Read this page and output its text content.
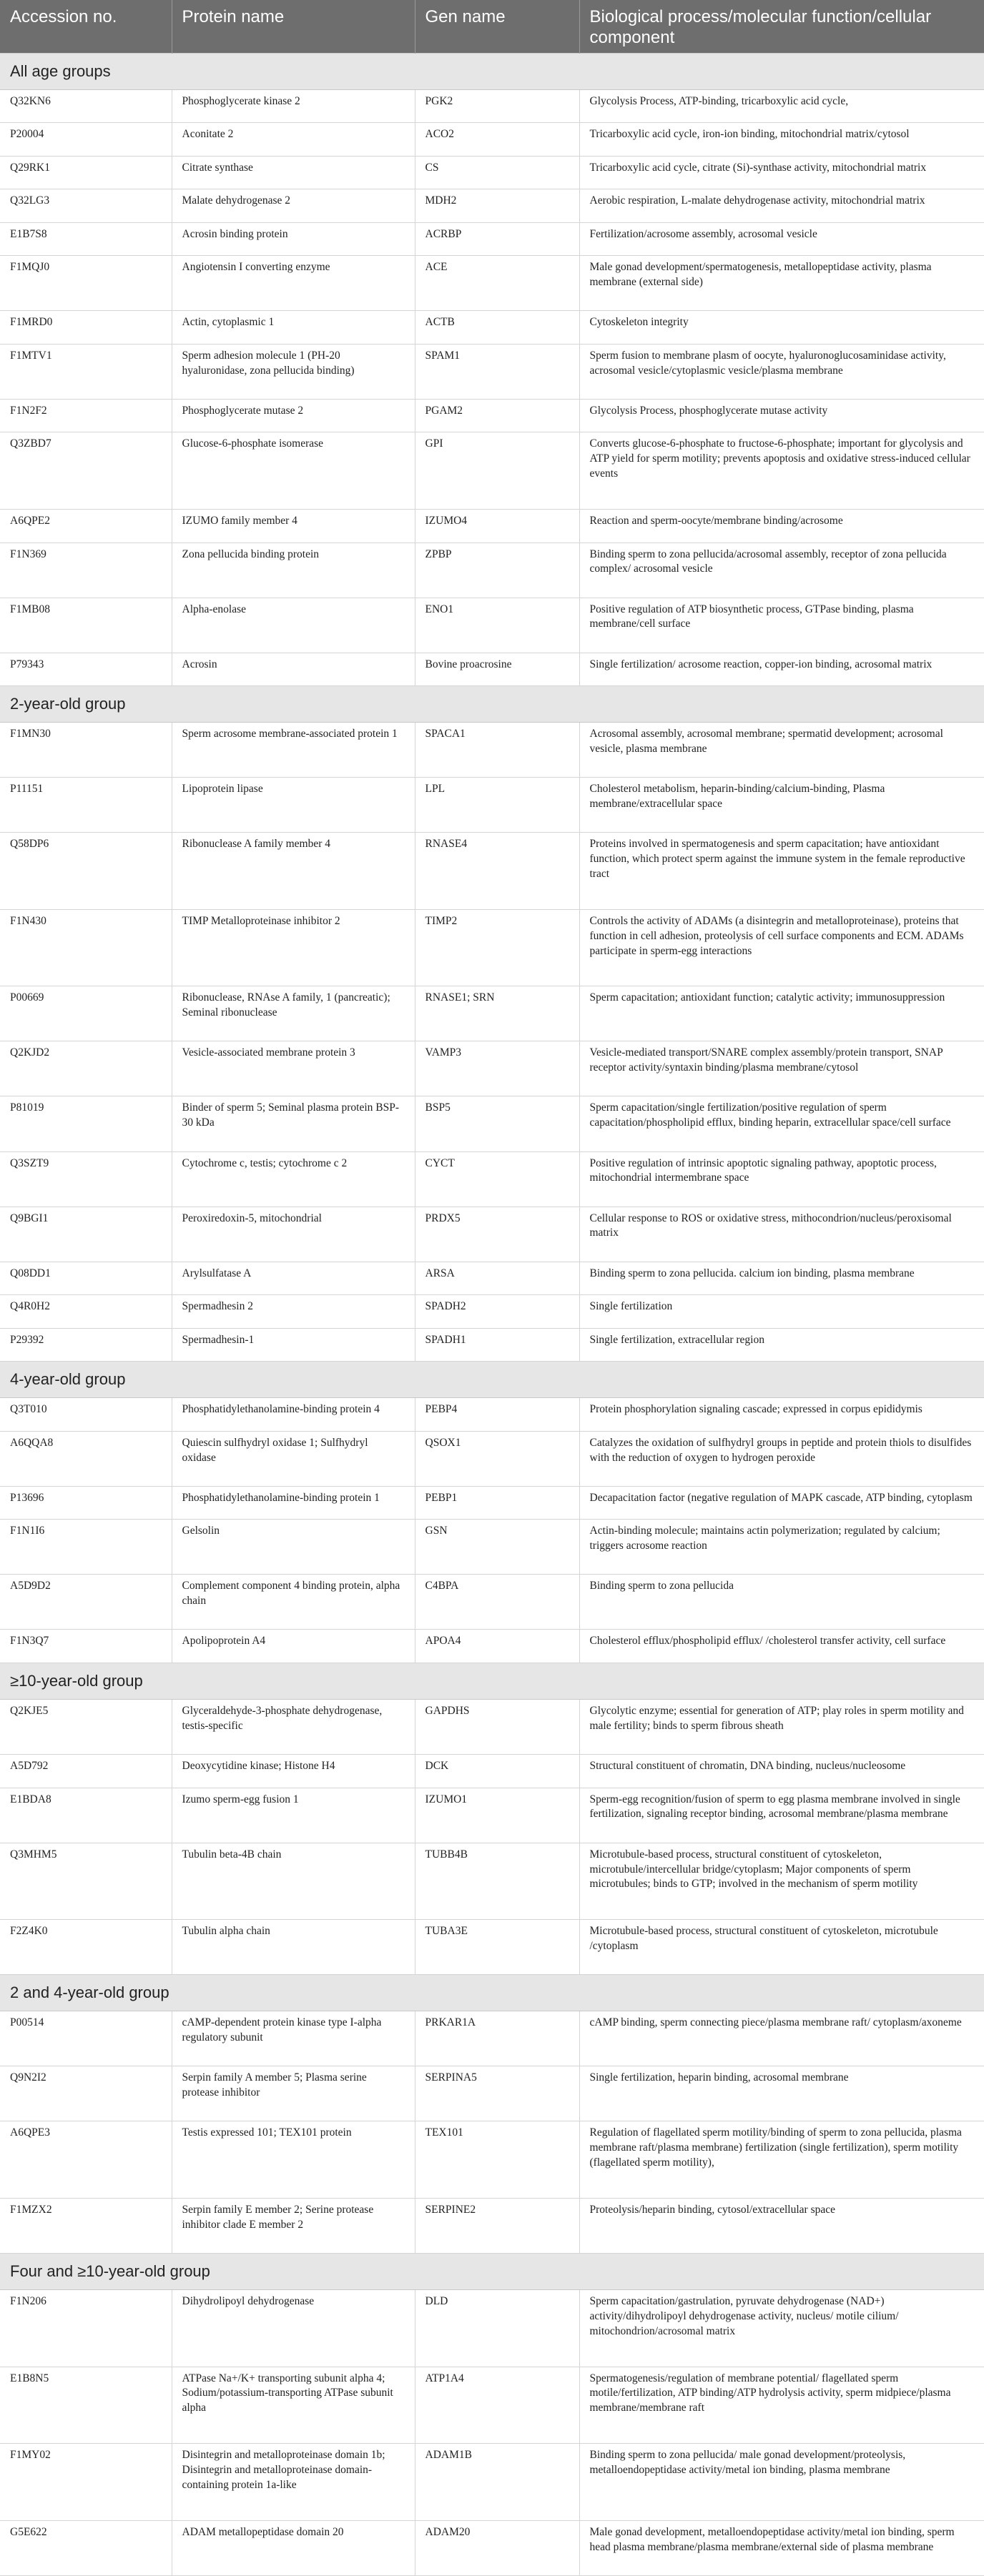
Accession no.	Protein name	Gen name	Biological process/molecular function/cellular component
All age groups			
Q32KN6	Phosphoglycerate kinase 2	PGK2	Glycolysis Process, ATP-binding, tricarboxylic acid cycle,
P20004	Aconitate 2	ACO2	Tricarboxylic acid cycle, iron-ion binding, mitochondrial matrix/cytosol
Q29RK1	Citrate synthase	CS	Tricarboxylic acid cycle, citrate (Si)-synthase activity, mitochondrial matrix
Q32LG3	Malate dehydrogenase 2	MDH2	Aerobic respiration, L-malate dehydrogenase activity, mitochondrial matrix
E1B7S8	Acrosin binding protein	ACRBP	Fertilization/acrosome assembly, acrosomal vesicle
F1MQJ0	Angiotensin I converting enzyme	ACE	Male gonad development/spermatogenesis, metallopeptidase activity, plasma membrane (external side)
F1MRD0	Actin, cytoplasmic 1	ACTB	Cytoskeleton integrity
F1MTV1	Sperm adhesion molecule 1 (PH-20 hyaluronidase, zona pellucida binding)	SPAM1	Sperm fusion to membrane plasm of oocyte, hyaluronoglucosaminidase activity, acrosomal vesicle/cytoplasmic vesicle/plasma membrane
F1N2F2	Phosphoglycerate mutase 2	PGAM2	Glycolysis Process, phosphoglycerate mutase activity
Q3ZBD7	Glucose-6-phosphate isomerase	GPI	Converts glucose-6-phosphate to fructose-6-phosphate; important for glycolysis and ATP yield for sperm motility; prevents apoptosis and oxidative stress-induced cellular events
A6QPE2	IZUMO family member 4	IZUMO4	Reaction and sperm-oocyte/membrane binding/acrosome
F1N369	Zona pellucida binding protein	ZPBP	Binding sperm to zona pellucida/acrosomal assembly, receptor of zona pellucida complex/ acrosomal vesicle
F1MB08	Alpha-enolase	ENO1	Positive regulation of ATP biosynthetic process, GTPase binding, plasma membrane/cell surface
P79343	Acrosin	Bovine proacrosine	Single fertilization/ acrosome reaction, copper-ion binding, acrosomal matrix
2-year-old group			
F1MN30	Sperm acrosome membrane-associated protein 1	SPACA1	Acrosomal assembly, acrosomal membrane; spermatid development; acrosomal vesicle, plasma membrane
P11151	Lipoprotein lipase	LPL	Cholesterol metabolism, heparin-binding/calcium-binding, Plasma membrane/extracellular space
Q58DP6	Ribonuclease A family member 4	RNASE4	Proteins involved in spermatogenesis and sperm capacitation; have antioxidant function, which protect sperm against the immune system in the female reproductive tract
F1N430	TIMP Metalloproteinase inhibitor 2	TIMP2	Controls the activity of ADAMs (a disintegrin and metalloproteinase), proteins that function in cell adhesion, proteolysis of cell surface components and ECM. ADAMs participate in sperm-egg interactions
P00669	Ribonuclease, RNAse A family, 1 (pancreatic); Seminal ribonuclease	RNASE1; SRN	Sperm capacitation; antioxidant function; catalytic activity; immunosuppression
Q2KJD2	Vesicle-associated membrane protein 3	VAMP3	Vesicle-mediated transport/SNARE complex assembly/protein transport, SNAP receptor activity/syntaxin binding/plasma membrane/cytosol
P81019	Binder of sperm 5; Seminal plasma protein BSP-30 kDa	BSP5	Sperm capacitation/single fertilization/positive regulation of sperm capacitation/phospholipid efflux, binding heparin, extracellular space/cell surface
Q3SZT9	Cytochrome c, testis; cytochrome c 2	CYCT	Positive regulation of intrinsic apoptotic signaling pathway, apoptotic process, mitochondrial intermembrane space
Q9BGI1	Peroxiredoxin-5, mitochondrial	PRDX5	Cellular response to ROS or oxidative stress, mithocondrion/nucleus/peroxisomal matrix
Q08DD1	Arylsulfatase A	ARSA	Binding sperm to zona pellucida. calcium ion binding, plasma membrane
Q4R0H2	Spermadhesin 2	SPADH2	Single fertilization
P29392	Spermadhesin-1	SPADH1	Single fertilization, extracellular region
4-year-old group			
Q3T010	Phosphatidylethanolamine-binding protein 4	PEBP4	Protein phosphorylation signaling cascade; expressed in corpus epididymis
A6QQA8	Quiescin sulfhydryl oxidase 1; Sulfhydryl oxidase	QSOX1	Catalyzes the oxidation of sulfhydryl groups in peptide and protein thiols to disulfides with the reduction of oxygen to hydrogen peroxide
P13696	Phosphatidylethanolamine-binding protein 1	PEBP1	Decapacitation factor (negative regulation of MAPK cascade, ATP binding, cytoplasm
F1N1I6	Gelsolin	GSN	Actin-binding molecule; maintains actin polymerization; regulated by calcium; triggers acrosome reaction
A5D9D2	Complement component 4 binding protein, alpha chain	C4BPA	Binding sperm to zona pellucida
F1N3Q7	Apolipoprotein A4	APOA4	Cholesterol efflux/phospholipid efflux/ /cholesterol transfer activity, cell surface
≥10-year-old group			
Q2KJE5	Glyceraldehyde-3-phosphate dehydrogenase, testis-specific	GAPDHS	Glycolytic enzyme; essential for generation of ATP; play roles in sperm motility and male fertility; binds to sperm fibrous sheath
A5D792	Deoxycytidine kinase; Histone H4	DCK	Structural constituent of chromatin, DNA binding, nucleus/nucleosome
E1BDA8	Izumo sperm-egg fusion 1	IZUMO1	Sperm-egg recognition/fusion of sperm to egg plasma membrane involved in single fertilization, signaling receptor binding, acrosomal membrane/plasma membrane
Q3MHM5	Tubulin beta-4B chain	TUBB4B	Microtubule-based process, structural constituent of cytoskeleton, microtubule/intercellular bridge/cytoplasm; Major components of sperm microtubules; binds to GTP; involved in the mechanism of sperm motility
F2Z4K0	Tubulin alpha chain	TUBA3E	Microtubule-based process, structural constituent of cytoskeleton, microtubule /cytoplasm
2 and 4-year-old group			
P00514	cAMP-dependent protein kinase type I-alpha regulatory subunit	PRKAR1A	cAMP binding, sperm connecting piece/plasma membrane raft/ cytoplasm/axoneme
Q9N2I2	Serpin family A member 5; Plasma serine protease inhibitor	SERPINA5	Single fertilization, heparin binding, acrosomal membrane
A6QPE3	Testis expressed 101; TEX101 protein	TEX101	Regulation of flagellated sperm motility/binding of sperm to zona pellucida, plasma membrane raft/plasma membrane) fertilization (single fertilization), sperm motility (flagellated sperm motility),
F1MZX2	Serpin family E member 2; Serine protease inhibitor clade E member 2	SERPINE2	Proteolysis/heparin binding, cytosol/extracellular space
Four and ≥10-year-old group			
F1N206	Dihydrolipoyl dehydrogenase	DLD	Sperm capacitation/gastrulation, pyruvate dehydrogenase (NAD+) activity/dihydrolipoyl dehydrogenase activity, nucleus/ motile cilium/ mitochondrion/acrosomal matrix
E1B8N5	ATPase Na+/K+ transporting subunit alpha 4; Sodium/potassium-transporting ATPase subunit alpha	ATP1A4	Spermatogenesis/regulation of membrane potential/ flagellated sperm motile/fertilization, ATP binding/ATP hydrolysis activity, sperm midpiece/plasma membrane/membrane raft
F1MY02	Disintegrin and metalloproteinase domain 1b; Disintegrin and metalloproteinase domain-containing protein 1a-like	ADAM1B	Binding sperm to zona pellucida/ male gonad development/proteolysis, metalloendopeptidase activity/metal ion binding, plasma membrane
G5E622	ADAM metallopeptidase domain 20	ADAM20	Male gonad development, metalloendopeptidase activity/metal ion binding, sperm head plasma membrane/plasma membrane/external side of plasma membrane
